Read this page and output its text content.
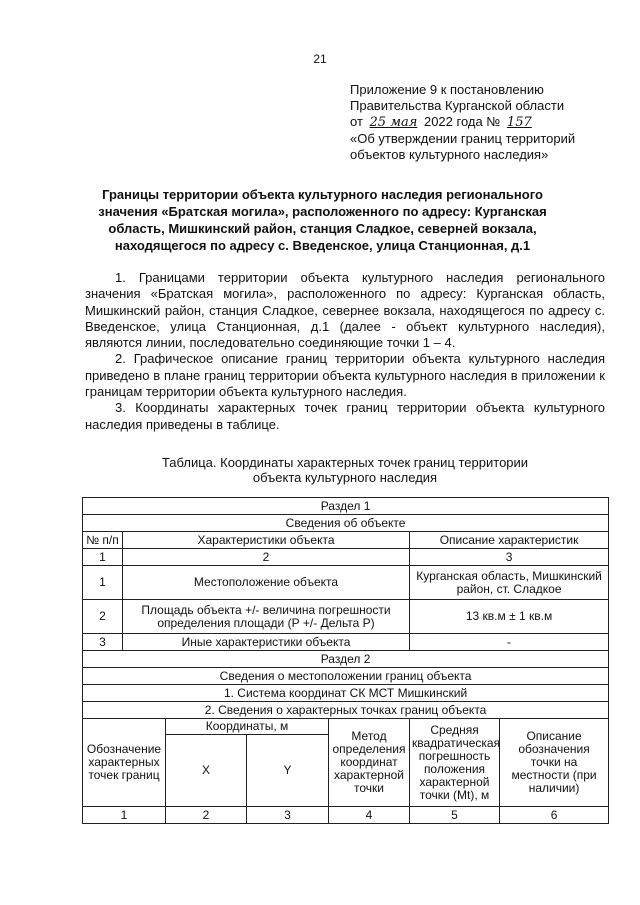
21
Приложение 9 к постановлению
Правительства Курганской области
от 25 мая 2022 года № 157
«Об утверждении границ территорий
объектов культурного наследия»
Границы территории объекта культурного наследия регионального
значения «Братская могила», расположенного по адресу: Курганская
область, Мишкинский район, станция Сладкое, северней вокзала,
находящегося по адресу с. Введенское, улица Станционная, д.1

1. Границами территории объекта культурного наследия регионального значения «Братская могила», расположенного по адресу: Курганская область, Мишкинский район, станция Сладкое, севернее вокзала, находящегося по адресу с. Введенское, улица Станционная, д.1 (далее - объект культурного наследия), являются линии, последовательно соединяющие точки 1 – 4.

2. Графическое описание границ территории объекта культурного наследия приведено в плане границ территории объекта культурного наследия в приложении к границам территории объекта культурного наследия.

3. Координаты характерных точек границ территории объекта культурного наследия приведены в таблице.

Таблица. Координаты характерных точек границ территории
объекта культурного наследия
Раздел 1						
Сведения об объекте						
№ п/п	Характеристики объекта				Описание характеристик	
1	2				3	
1	Местоположение объекта				Курганская область, Мишкинский район, ст. Сладкое	
2	Площадь объекта +/- величина погрешности определения площади (Р +/- Дельта Р)				13 кв.м ± 1 кв.м	
3	Иные характеристики объекта				-	
Раздел 2						
Сведения о местоположении границ объекта						
1. Система координат СК МСТ Мишкинский						
2. Сведения о характерных точках границ объекта						
Обозначение характерных точек границ		Координаты, м		Метод определения координат характерной точки	Средняя квадратическая погрешность положения характерной точки (Mt), м	Описание обозначения точки на местности (при наличии)
		X	Y			
1		2	3	4	5	6
